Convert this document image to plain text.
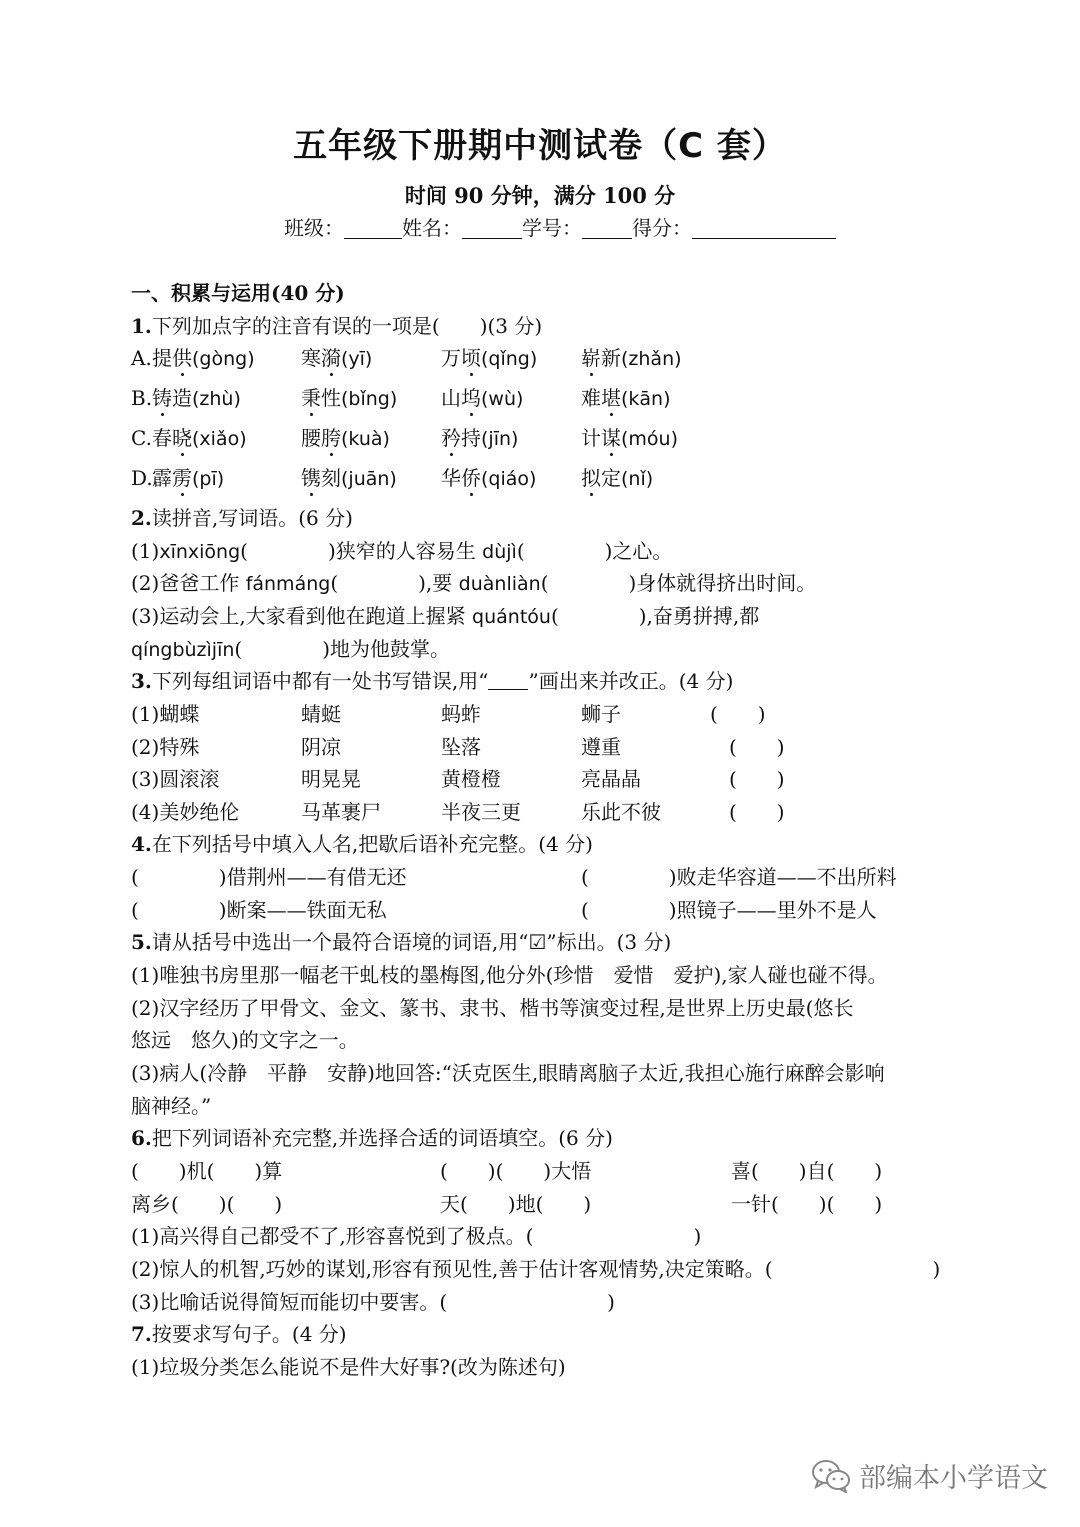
五年级下册期中测试卷（C 套）
时间 90 分钟，满分 100 分
班级：	姓名：	学号：	得分：
一、积累与运用(40 分)
1.下列加点字的注音有误的一项是(　　)(3 分)
A. 提供(gòng) 寒漪(yī)	万顷(qǐng) 崭新(zhǎn)
B. 铸造(zhù)	秉性(bǐng) 山坞(wù)	难堪(kān)
C. 春晓(xiǎo)	腰胯(kuà)	矜持(jīn)	计谋(móu)
D. 霹雳(pī)	镌刻(juān) 华侨(qiáo) 拟定(nǐ)
2.读拼音,写词语。(6 分)
(1)xīnxiōng(　　　　)狭窄的人容易生 dùjì(　　　　)之心。
(2)爸爸工作 fánmáng(　　　　),要 duànliàn(　　　　)身体就得挤出时间。
(3)运动会上,大家看到他在跑道上握紧 quántóu(　　　　),奋勇拼搏,都
qíngbùzìjīn(　　　　)地为他鼓掌。
3.下列每组词语中都有一处书写错误,用“ ”画出来并改正。(4 分)
(1)蝴蝶	蜻蜓	蚂蚱	蛳子	(　　)
(2)特殊	阴凉	坠落	遵重	(　　)
(3)圆滚滚	明晃晃	黄橙橙	亮晶晶	(　　)
(4)美妙绝伦	马革裹尸	半夜三更	乐此不彼	(　　)
4.在下列括号中填入人名,把歇后语补充完整。(4 分)
(　　　　)借荆州——有借无还	(　　　　)败走华容道——不出所料
(　　　　)断案——铁面无私	(　　　　)照镜子——里外不是人
5.请从括号中选出一个最符合语境的词语,用“☑”标出。(3 分)
(1)唯独书房里那一幅老干虬枝的墨梅图,他分外(珍惜　爱惜　爱护),家人碰也碰不得。
(2)汉字经历了甲骨文、金文、篆书、隶书、楷书等演变过程,是世界上历史最(悠长
悠远　悠久)的文字之一。
(3)病人(冷静　平静　安静)地回答:“沃克医生,眼睛离脑子太近,我担心施行麻醉会影响
脑神经。”
6.把下列词语补充完整,并选择合适的词语填空。(6 分)
(　　)机(　　)算	(　　)(　　)大悟	喜(　　)自(　　)
离乡(　　)(　　)	天(　　)地(　　)	一针(　　)(　　)
(1)高兴得自己都受不了,形容喜悦到了极点。(　　　　　　　　)
(2)惊人的机智,巧妙的谋划,形容有预见性,善于估计客观情势,决定策略。(　　　　　　　　)
(3)比喻话说得简短而能切中要害。(　　　　　　　　)
7.按要求写句子。(4 分)
(1)垃圾分类怎么能说不是件大好事?(改为陈述句)
部编本小学语文
